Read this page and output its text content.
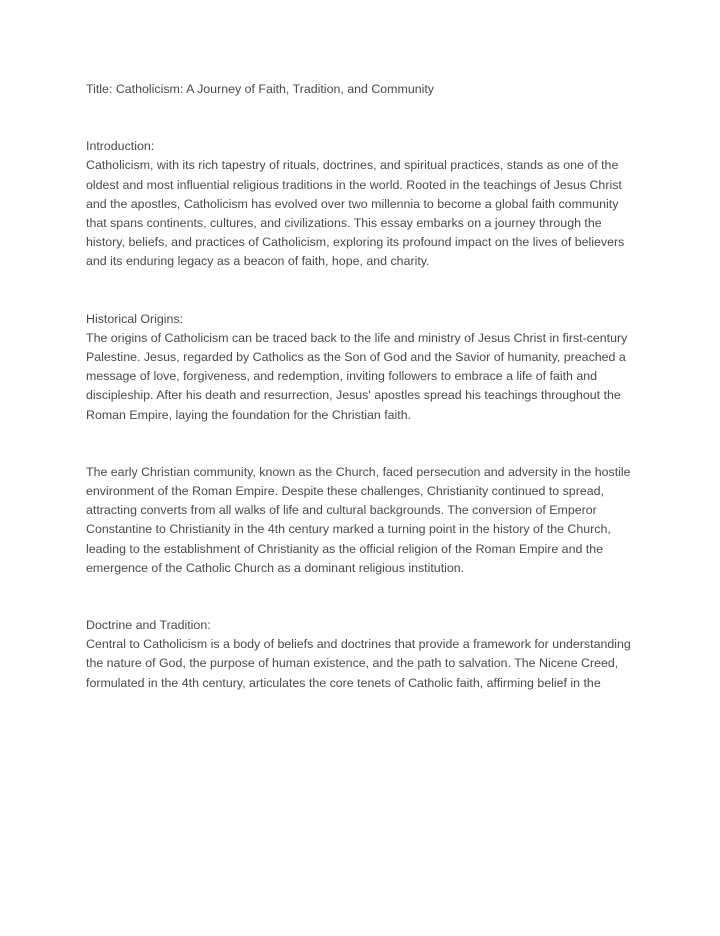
Title: Catholicism: A Journey of Faith, Tradition, and Community

Introduction:

Catholicism, with its rich tapestry of rituals, doctrines, and spiritual practices, stands as one of the oldest and most influential religious traditions in the world. Rooted in the teachings of Jesus Christ and the apostles, Catholicism has evolved over two millennia to become a global faith community that spans continents, cultures, and civilizations. This essay embarks on a journey through the history, beliefs, and practices of Catholicism, exploring its profound impact on the lives of believers and its enduring legacy as a beacon of faith, hope, and charity.

Historical Origins:

The origins of Catholicism can be traced back to the life and ministry of Jesus Christ in first-century Palestine. Jesus, regarded by Catholics as the Son of God and the Savior of humanity, preached a message of love, forgiveness, and redemption, inviting followers to embrace a life of faith and discipleship. After his death and resurrection, Jesus' apostles spread his teachings throughout the Roman Empire, laying the foundation for the Christian faith.

The early Christian community, known as the Church, faced persecution and adversity in the hostile environment of the Roman Empire. Despite these challenges, Christianity continued to spread, attracting converts from all walks of life and cultural backgrounds. The conversion of Emperor Constantine to Christianity in the 4th century marked a turning point in the history of the Church, leading to the establishment of Christianity as the official religion of the Roman Empire and the emergence of the Catholic Church as a dominant religious institution.

Doctrine and Tradition:

Central to Catholicism is a body of beliefs and doctrines that provide a framework for understanding the nature of God, the purpose of human existence, and the path to salvation. The Nicene Creed, formulated in the 4th century, articulates the core tenets of Catholic faith, affirming belief in the
